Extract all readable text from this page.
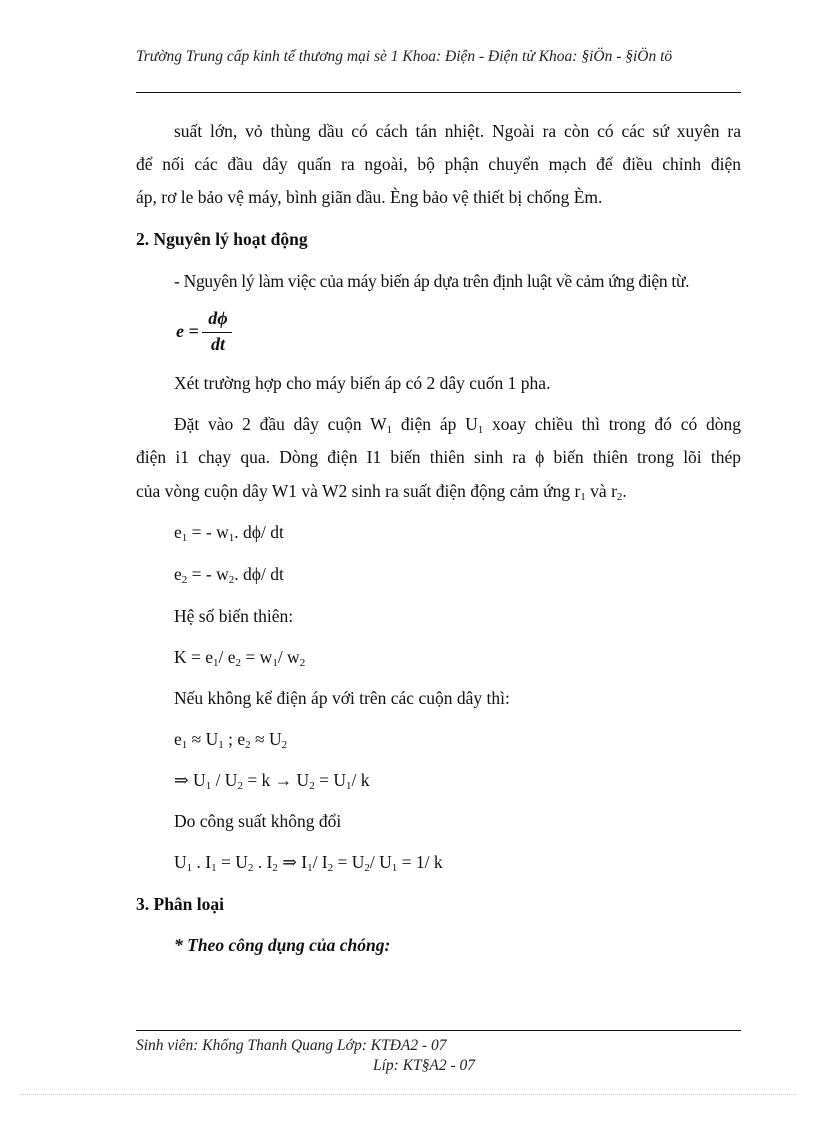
Trường Trung cấp kinh tế thương mại sè 1 Khoa: Điện - Điện tử Khoa: §iÖn - §iÖn tö
suất lớn, vỏ thùng dầu có cách tán nhiệt. Ngoài ra còn có các sứ xuyên ra
để nối các đầu dây quấn ra ngoài, bộ phận chuyển mạch để điều chỉnh điện
áp, rơ le bảo vệ máy, bình giãn dầu. Èng bảo vệ thiết bị chống Èm.
2. Nguyên lý hoạt động
- Nguyên lý làm việc của máy biến áp dựa trên định luật về cảm ứng điện từ.
e =
dϕ
dt
Xét trường hợp cho máy biến áp có 2 dây cuốn 1 pha.
Đặt vào 2 đầu dây cuộn $W_1$ điện áp $U_1$ xoay chiều thì trong đó có dòng
điện i1 chạy qua. Dòng điện I1 biến thiên sinh ra ϕ biến thiên trong lõi thép
của vòng cuộn dây W1 và W2 sinh ra suất điện động cảm ứng $r_1$ và $r_2$.
$e_1$ = - $w_1$. dϕ/ dt
$e_2$ = - $w_2$. dϕ/ dt
Hệ số biến thiên:
$K = e_1/$ $e_2 = w_1/$ $w_2$
Nếu không kể điện áp với trên các cuộn dây thì:
$e_1 \approx U_1$ ; $e_2 \approx U_2$
⇒ $U_1 / U_2 = k \to U_2 = U_1/$ k
Do công suất không đổi
$U_1$ . $I_1 = U_2$ . $I_2$ ⇒ $I_1/$ $I_2 = U_2/$ $U_1 = 1/$ k
3. Phân loại
* Theo công dụng của chóng:
Sinh viên: Khổng Thanh Quang Lớp: KTĐA2 - 07
Líp: KT§A2 - 07
